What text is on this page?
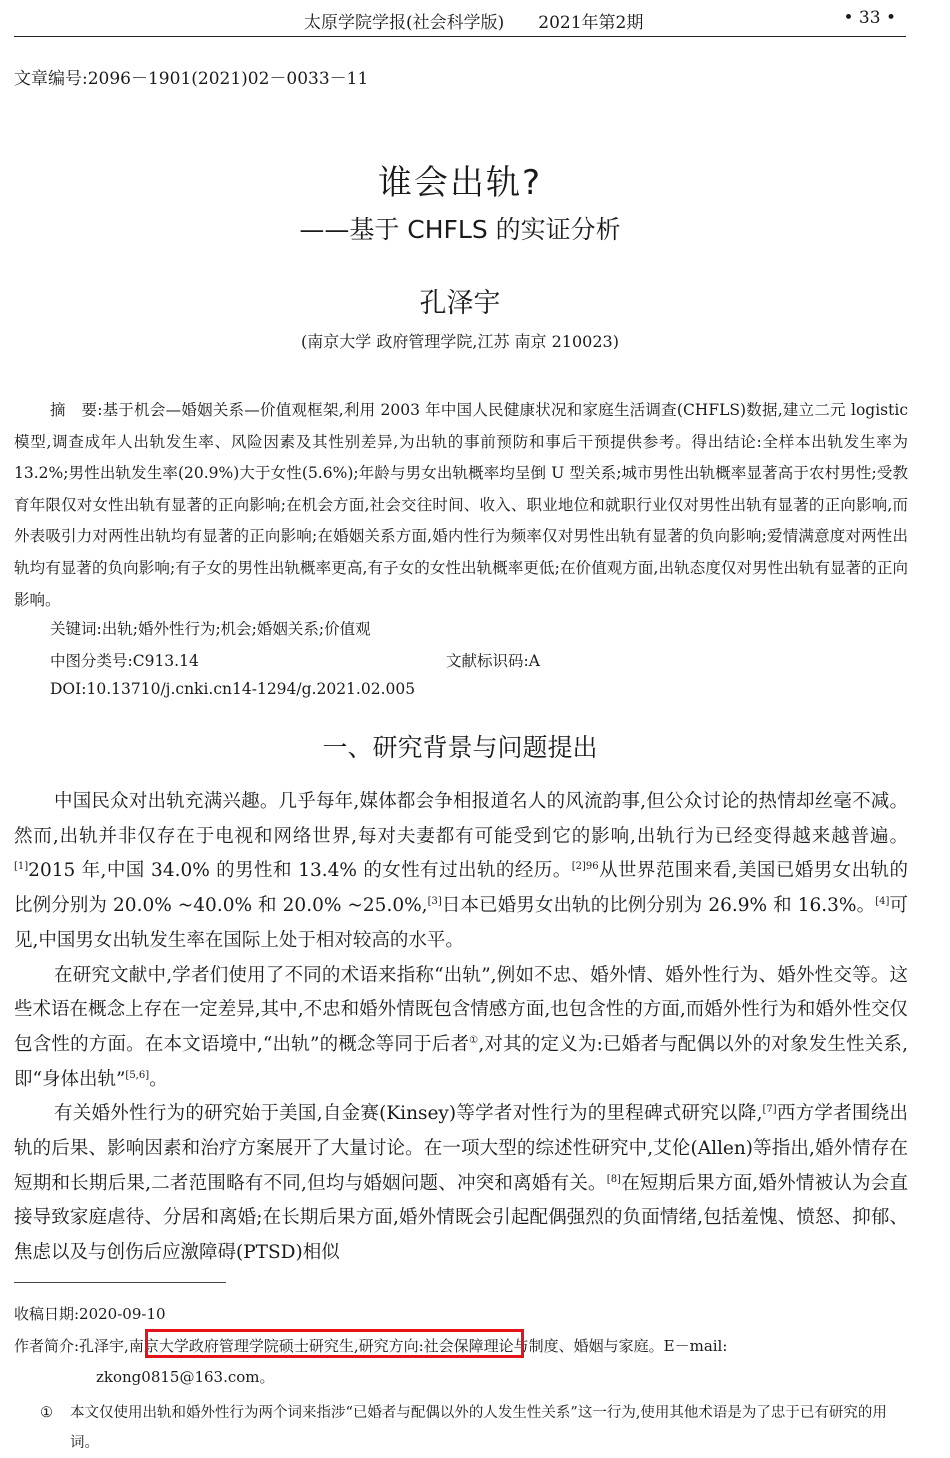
太原学院学报(社会科学版)　　2021年第2期	• 33 •
文章编号:2096－1901(2021)02－0033－11
谁会出轨?
——基于 CHFLS 的实证分析
孔泽宇
(南京大学 政府管理学院,江苏 南京 210023)
摘　要:基于机会—婚姻关系—价值观框架,利用 2003 年中国人民健康状况和家庭生活调查(CHFLS)数据,建立二元 logistic 模型,调查成年人出轨发生率、风险因素及其性别差异,为出轨的事前预防和事后干预提供参考。得出结论:全样本出轨发生率为 13.2%;男性出轨发生率(20.9%)大于女性(5.6%);年龄与男女出轨概率均呈倒 U 型关系;城市男性出轨概率显著高于农村男性;受教育年限仅对女性出轨有显著的正向影响;在机会方面,社会交往时间、收入、职业地位和就职行业仅对男性出轨有显著的正向影响,而外表吸引力对两性出轨均有显著的正向影响;在婚姻关系方面,婚内性行为频率仅对男性出轨有显著的负向影响;爱情满意度对两性出轨均有显著的负向影响;有子女的男性出轨概率更高,有子女的女性出轨概率更低;在价值观方面,出轨态度仅对男性出轨有显著的正向影响。
关键词:出轨;婚外性行为;机会;婚姻关系;价值观
中图分类号:C913.14	文献标识码:A
DOI:10.13710/j.cnki.cn14-1294/g.2021.02.005
一、研究背景与问题提出

中国民众对出轨充满兴趣。几乎每年,媒体都会争相报道名人的风流韵事,但公众讨论的热情却丝毫不减。然而,出轨并非仅存在于电视和网络世界,每对夫妻都有可能受到它的影响,出轨行为已经变得越来越普遍。[1]2015 年,中国 34.0% 的男性和 13.4% 的女性有过出轨的经历。$^{[2]96}$从世界范围来看,美国已婚男女出轨的比例分别为 20.0% ~40.0% 和 20.0% ~25.0%,[3]日本已婚男女出轨的比例分别为 26.9% 和 16.3%。[4]可见,中国男女出轨发生率在国际上处于相对较高的水平。

在研究文献中,学者们使用了不同的术语来指称“出轨”,例如不忠、婚外情、婚外性行为、婚外性交等。这些术语在概念上存在一定差异,其中,不忠和婚外情既包含情感方面,也包含性的方面,而婚外性行为和婚外性交仅包含性的方面。在本文语境中,“出轨”的概念等同于后者①,对其的定义为:已婚者与配偶以外的对象发生性关系,即“身体出轨”[5,6]。

有关婚外性行为的研究始于美国,自金赛(Kinsey)等学者对性行为的里程碑式研究以降,[7]西方学者围绕出轨的后果、影响因素和治疗方案展开了大量讨论。在一项大型的综述性研究中,艾伦(Allen)等指出,婚外情存在短期和长期后果,二者范围略有不同,但均与婚姻问题、冲突和离婚有关。[8]在短期后果方面,婚外情被认为会直接导致家庭虐待、分居和离婚;在长期后果方面,婚外情既会引起配偶强烈的负面情绪,包括羞愧、愤怒、抑郁、焦虑以及与创伤后应激障碍(PTSD)相似

收稿日期:2020-09-10
作者简介:孔泽宇,南京大学政府管理学院硕士研究生,研究方向:社会保障理论与制度、婚姻与家庭。E－mail:
zkong0815@163.com。
① 本文仅使用出轨和婚外性行为两个词来指涉“已婚者与配偶以外的人发生性关系”这一行为,使用其他术语是为了忠于已有研究的用词。
